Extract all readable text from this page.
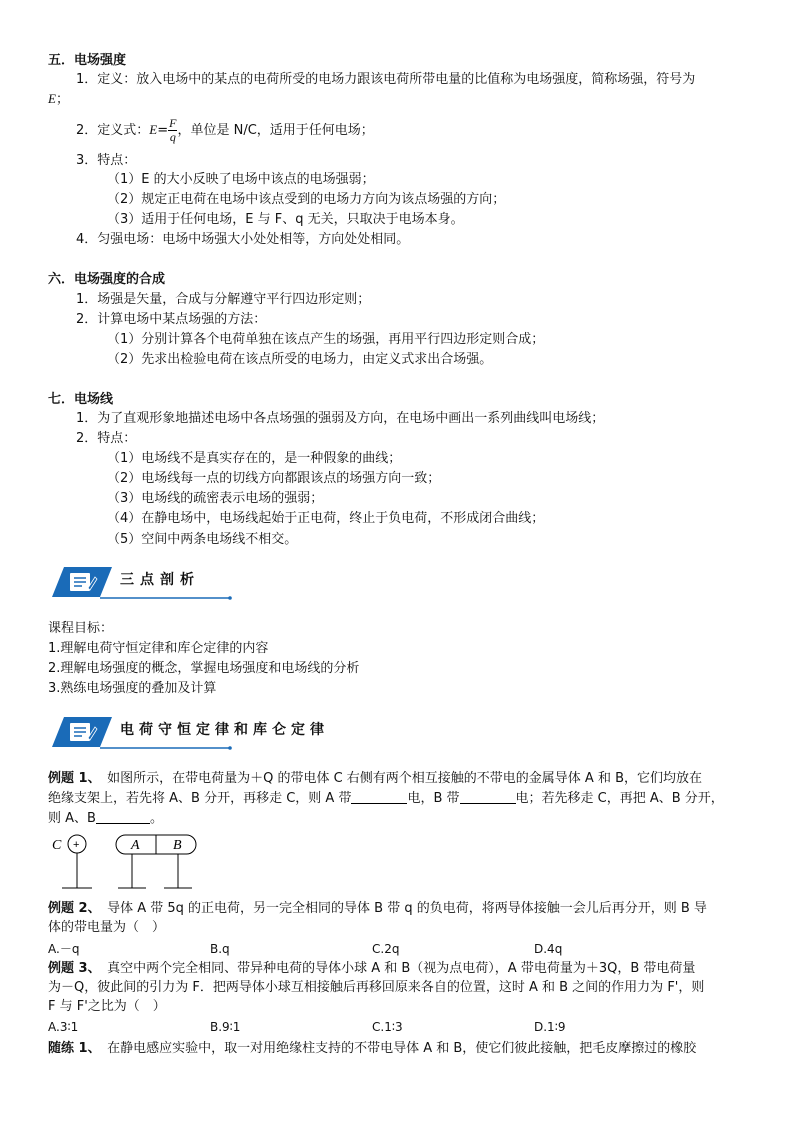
五．电场强度
1．定义：放入电场中的某点的电荷所受的电场力跟该电荷所带电量的比值称为电场强度，简称场强，符号为
E；
2．定义式：$E= \frac{F}{q}$ ，单位是 N/C，适用于任何电场；
3．特点：
（1）E 的大小反映了电场中该点的电场强弱；
（2）规定正电荷在电场中该点受到的电场力方向为该点场强的方向；
（3）适用于任何电场，E 与 F、q 无关，只取决于电场本身。
4．匀强电场：电场中场强大小处处相等，方向处处相同。
六．电场强度的合成
1．场强是矢量，合成与分解遵守平行四边形定则；
2．计算电场中某点场强的方法：
（1）分别计算各个电荷单独在该点产生的场强，再用平行四边形定则合成；
（2）先求出检验电荷在该点所受的电场力，由定义式求出合场强。
七．电场线
1．为了直观形象地描述电场中各点场强的强弱及方向，在电场中画出一系列曲线叫电场线；
2．特点：
（1）电场线不是真实存在的，是一种假象的曲线；
（2）电场线每一点的切线方向都跟该点的场强方向一致；
（3）电场线的疏密表示电场的强弱；
（4）在静电场中，电场线起始于正电荷，终止于负电荷，不形成闭合曲线；
（5）空间中两条电场线不相交。
三点剖析
课程目标：
1.理解电荷守恒定律和库仑定律的内容
2.理解电场强度的概念，掌握电场强度和电场线的分析
3.熟练电场强度的叠加及计算
电荷守恒定律和库仑定律
例题 1、　 如图所示，在带电荷量为＋Q 的带电体 C 右侧有两个相互接触的不带电的金属导体 A 和 B，它们均放在
绝缘支架上，若先将 A、B 分开，再移走 C，则 A 带	电，B 带	电；若先移走 C，再把 A、B 分开，
则 A、B	。
C +	A B
例题 2、　 导体 A 带 5q 的正电荷，另一完全相同的导体 B 带 q 的负电荷，将两导体接触一会儿后再分开，则 B 导
体的带电量为（　）
A.－q	B.q	C.2q	D.4q
例题 3、　 真空中两个完全相同、带异种电荷的导体小球 A 和 B（视为点电荷），A 带电荷量为＋3Q，B 带电荷量
为－Q，彼此间的引力为 F．把两导体小球互相接触后再移回原来各自的位置，这时 A 和 B 之间的作用力为 F'，则
F 与 F'之比为（　）
A.3∶1	B.9∶1	C.1∶3	D.1∶9
随练 1、　 在静电感应实验中，取一对用绝缘柱支持的不带电导体 A 和 B，使它们彼此接触，把毛皮摩擦过的橡胶
